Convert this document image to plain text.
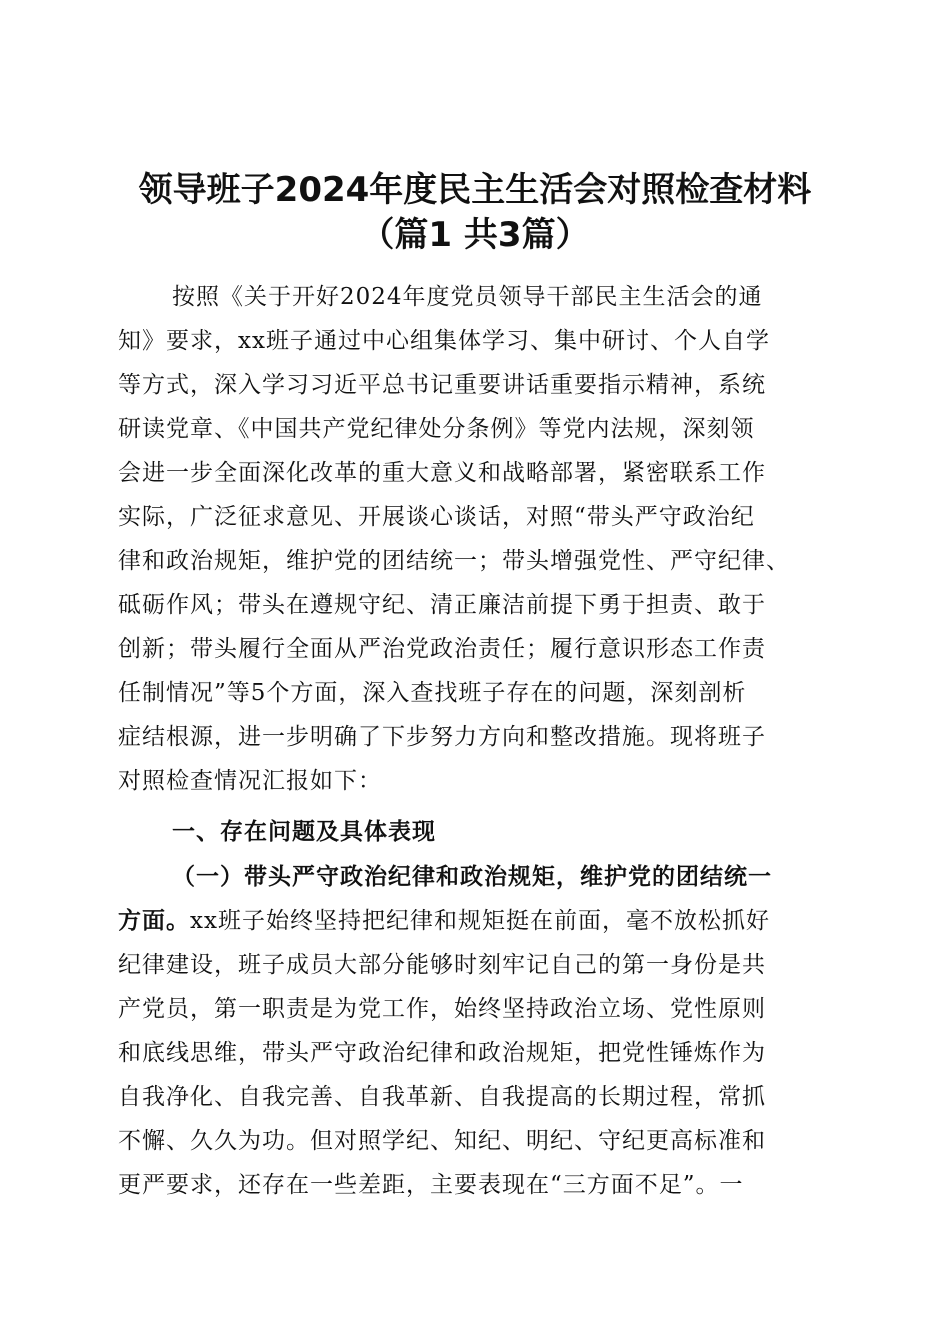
领导班子2024年度民主生活会对照检查材料
（篇1 共3篇）
按照《关于开好2024年度党员领导干部民主生活会的通
知》要求，xx班子通过中心组集体学习、集中研讨、个人自学
等方式，深入学习习近平总书记重要讲话重要指示精神，系统
研读党章、《中国共产党纪律处分条例》等党内法规，深刻领
会进一步全面深化改革的重大意义和战略部署，紧密联系工作
实际，广泛征求意见、开展谈心谈话，对照“带头严守政治纪
律和政治规矩，维护党的团结统一；带头增强党性、严守纪律、
砥砺作风；带头在遵规守纪、清正廉洁前提下勇于担责、敢于
创新；带头履行全面从严治党政治责任；履行意识形态工作责
任制情况”等5个方面，深入查找班子存在的问题，深刻剖析
症结根源，进一步明确了下步努力方向和整改措施。现将班子
对照检查情况汇报如下：
一、存在问题及具体表现
（一）带头严守政治纪律和政治规矩，维护党的团结统一
方面。xx班子始终坚持把纪律和规矩挺在前面，毫不放松抓好
纪律建设，班子成员大部分能够时刻牢记自己的第一身份是共
产党员，第一职责是为党工作，始终坚持政治立场、党性原则
和底线思维，带头严守政治纪律和政治规矩，把党性锤炼作为
自我净化、自我完善、自我革新、自我提高的长期过程，常抓
不懈、久久为功。但对照学纪、知纪、明纪、守纪更高标准和
更严要求，还存在一些差距，主要表现在“三方面不足”。一
